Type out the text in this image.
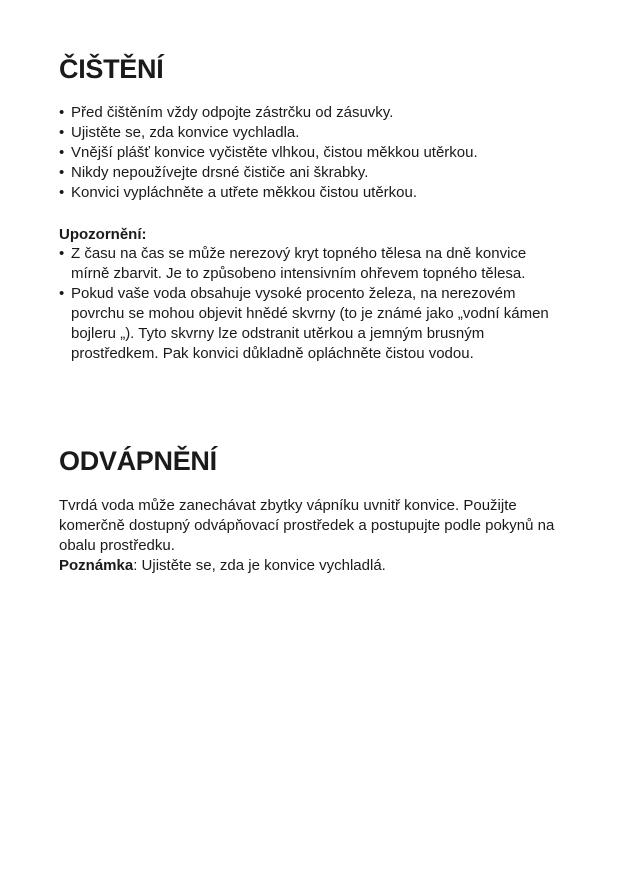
ČIŠTĚNÍ
• Před čištěním vždy odpojte zástrčku od zásuvky.
• Ujistěte se, zda konvice vychladla.
• Vnější plášť konvice vyčistěte vlhkou, čistou měkkou utěrkou.
• Nikdy nepoužívejte drsné čističe ani škrabky.
• Konvici vypláchněte a utřete měkkou čistou utěrkou.
Upozornění:
• Z času na čas se může nerezový kryt topného tělesa na dně konvice mírně zbarvit. Je to způsobeno intensivním ohřevem topného tělesa.
• Pokud vaše voda obsahuje vysoké procento železa, na nerezovém povrchu se mohou objevit hnědé skvrny (to je známé jako „vodní kámen bojleru „). Tyto skvrny lze odstranit utěrkou a jemným brusným prostředkem. Pak konvici důkladně opláchněte čistou vodou.
ODVÁPNĚNÍ

Tvrdá voda může zanechávat zbytky vápníku uvnitř konvice. Použijte komerčně dostupný odvápňovací prostředek a postupujte podle pokynů na obalu prostředku.

Poznámka: Ujistěte se, zda je konvice vychladlá.
